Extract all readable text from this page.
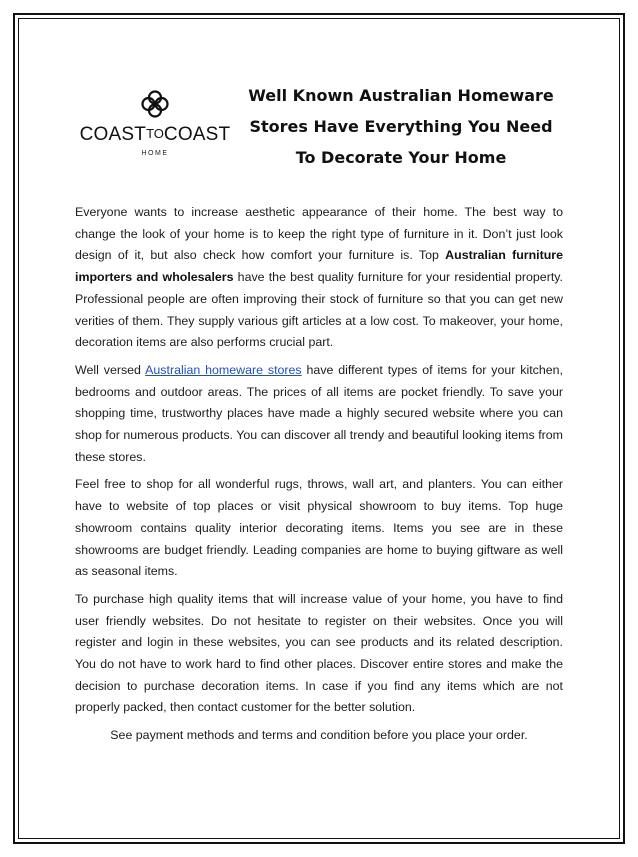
COASTTOCOAST
HOME
Well Known Australian Homeware
Stores Have Everything You Need
To Decorate Your Home

Everyone wants to increase aesthetic appearance of their home. The best way to change the look of your home is to keep the right type of furniture in it. Don’t just look design of it, but also check how comfort your furniture is. Top Australian furniture importers and wholesalers have the best quality furniture for your residential property. Professional people are often improving their stock of furniture so that you can get new verities of them. They supply various gift articles at a low cost. To makeover, your home, decoration items are also performs crucial part.

Well versed Australian homeware stores have different types of items for your kitchen, bedrooms and outdoor areas. The prices of all items are pocket friendly. To save your shopping time, trustworthy places have made a highly secured website where you can shop for numerous products. You can discover all trendy and beautiful looking items from these stores.

Feel free to shop for all wonderful rugs, throws, wall art, and planters. You can either have to website of top places or visit physical showroom to buy items. Top huge showroom contains quality interior decorating items. Items you see are in these showrooms are budget friendly. Leading companies are home to buying giftware as well as seasonal items.

To purchase high quality items that will increase value of your home, you have to find user friendly websites. Do not hesitate to register on their websites. Once you will register and login in these websites, you can see products and its related description. You do not have to work hard to find other places. Discover entire stores and make the decision to purchase decoration items. In case if you find any items which are not properly packed, then contact customer for the better solution.

See payment methods and terms and condition before you place your order.
